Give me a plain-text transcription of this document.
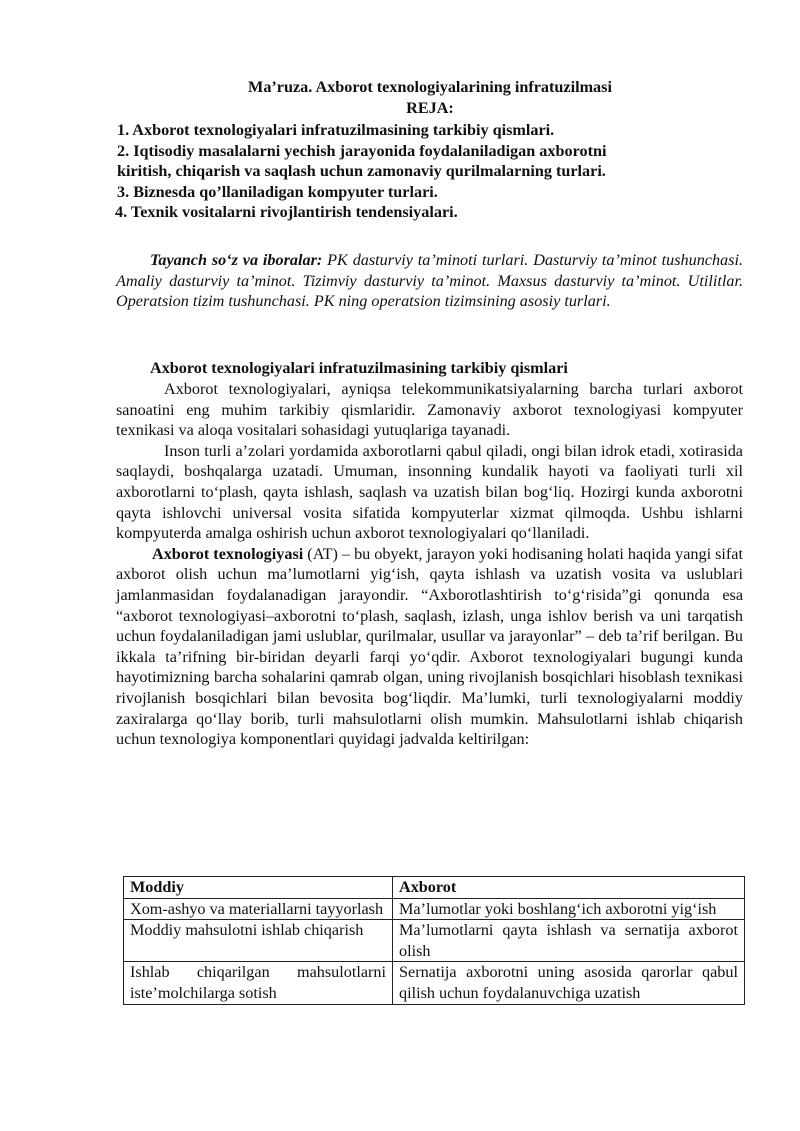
Ma’ruza. Axborot texnologiyalarining infratuzilmasi
REJA:
1. Axborot texnologiyalari infratuzilmasining tarkibiy qismlari.
2. Iqtisodiy masalalarni yechish jarayonida foydalaniladigan axborotni
kiritish, chiqarish va saqlash uchun zamonaviy qurilmalarning turlari.
3. Biznesda qo’llaniladigan kompyuter turlari.
4. Texnik vositalarni rivojlantirish tendensiyalari.
Tayanch so‘z va iboralar: PK dasturviy ta’minoti turlari. Dasturviy ta’minot tushunchasi. Amaliy dasturviy ta’minot. Tizimviy dasturviy ta’minot. Maxsus dasturviy ta’minot. Utilitlar. Operatsion tizim tushunchasi. PK ning operatsion tizimsining asosiy turlari.
Axborot texnologiyalari infratuzilmasining tarkibiy qismlari

Axborot texnologiyalari, ayniqsa telekommunikatsiyalarning barcha turlari axborot sanoatini eng muhim tarkibiy qismlaridir. Zamonaviy axborot texnologiyasi kompyuter texnikasi va aloqa vositalari sohasidagi yutuqlariga tayanadi.

Inson turli a’zolari yordamida axborotlarni qabul qiladi, ongi bilan idrok etadi, xotirasida saqlaydi, boshqalarga uzatadi. Umuman, insonning kundalik hayoti va faoliyati turli xil axborotlarni to‘plash, qayta ishlash, saqlash va uzatish bilan bog‘liq. Hozirgi kunda axborotni qayta ishlovchi universal vosita sifatida kompyuterlar xizmat qilmoqda. Ushbu ishlarni kompyuterda amalga oshirish uchun axborot texnologiyalari qo‘llaniladi.

Axborot texnologiyasi (AT) – bu obyekt, jarayon yoki hodisaning holati haqida yangi sifat axborot olish uchun ma’lumotlarni yig‘ish, qayta ishlash va uzatish vosita va uslublari jamlanmasidan foydalanadigan jarayondir. “Axborotlashtirish to‘g‘risida”gi qonunda esa “axborot texnologiyasi–axborotni to‘plash, saqlash, izlash, unga ishlov berish va uni tarqatish uchun foydalaniladigan jami uslublar, qurilmalar, usullar va jarayonlar” – deb ta’rif berilgan. Bu ikkala ta’rifning bir-biridan deyarli farqi yo‘qdir. Axborot texnologiyalari bugungi kunda hayotimizning barcha sohalarini qamrab olgan, uning rivojlanish bosqichlari hisoblash texnikasi rivojlanish bosqichlari bilan bevosita bog‘liqdir. Ma’lumki, turli texnologiyalarni moddiy zaxiralarga qo‘llay borib, turli mahsulotlarni olish mumkin. Mahsulotlarni ishlab chiqarish uchun texnologiya komponentlari quyidagi jadvalda keltirilgan:

Moddiy	Axborot
Xom-ashyo va materiallarni tayyorlash	Ma’lumotlar yoki boshlang‘ich axborotni yig‘ish
Moddiy mahsulotni ishlab chiqarish	Ma’lumotlarni qayta ishlash va sernatija axborot olish
Ishlab chiqarilgan mahsulotlarni iste’molchilarga sotish	Sernatija axborotni uning asosida qarorlar qabul qilish uchun foydalanuvchiga uzatish
